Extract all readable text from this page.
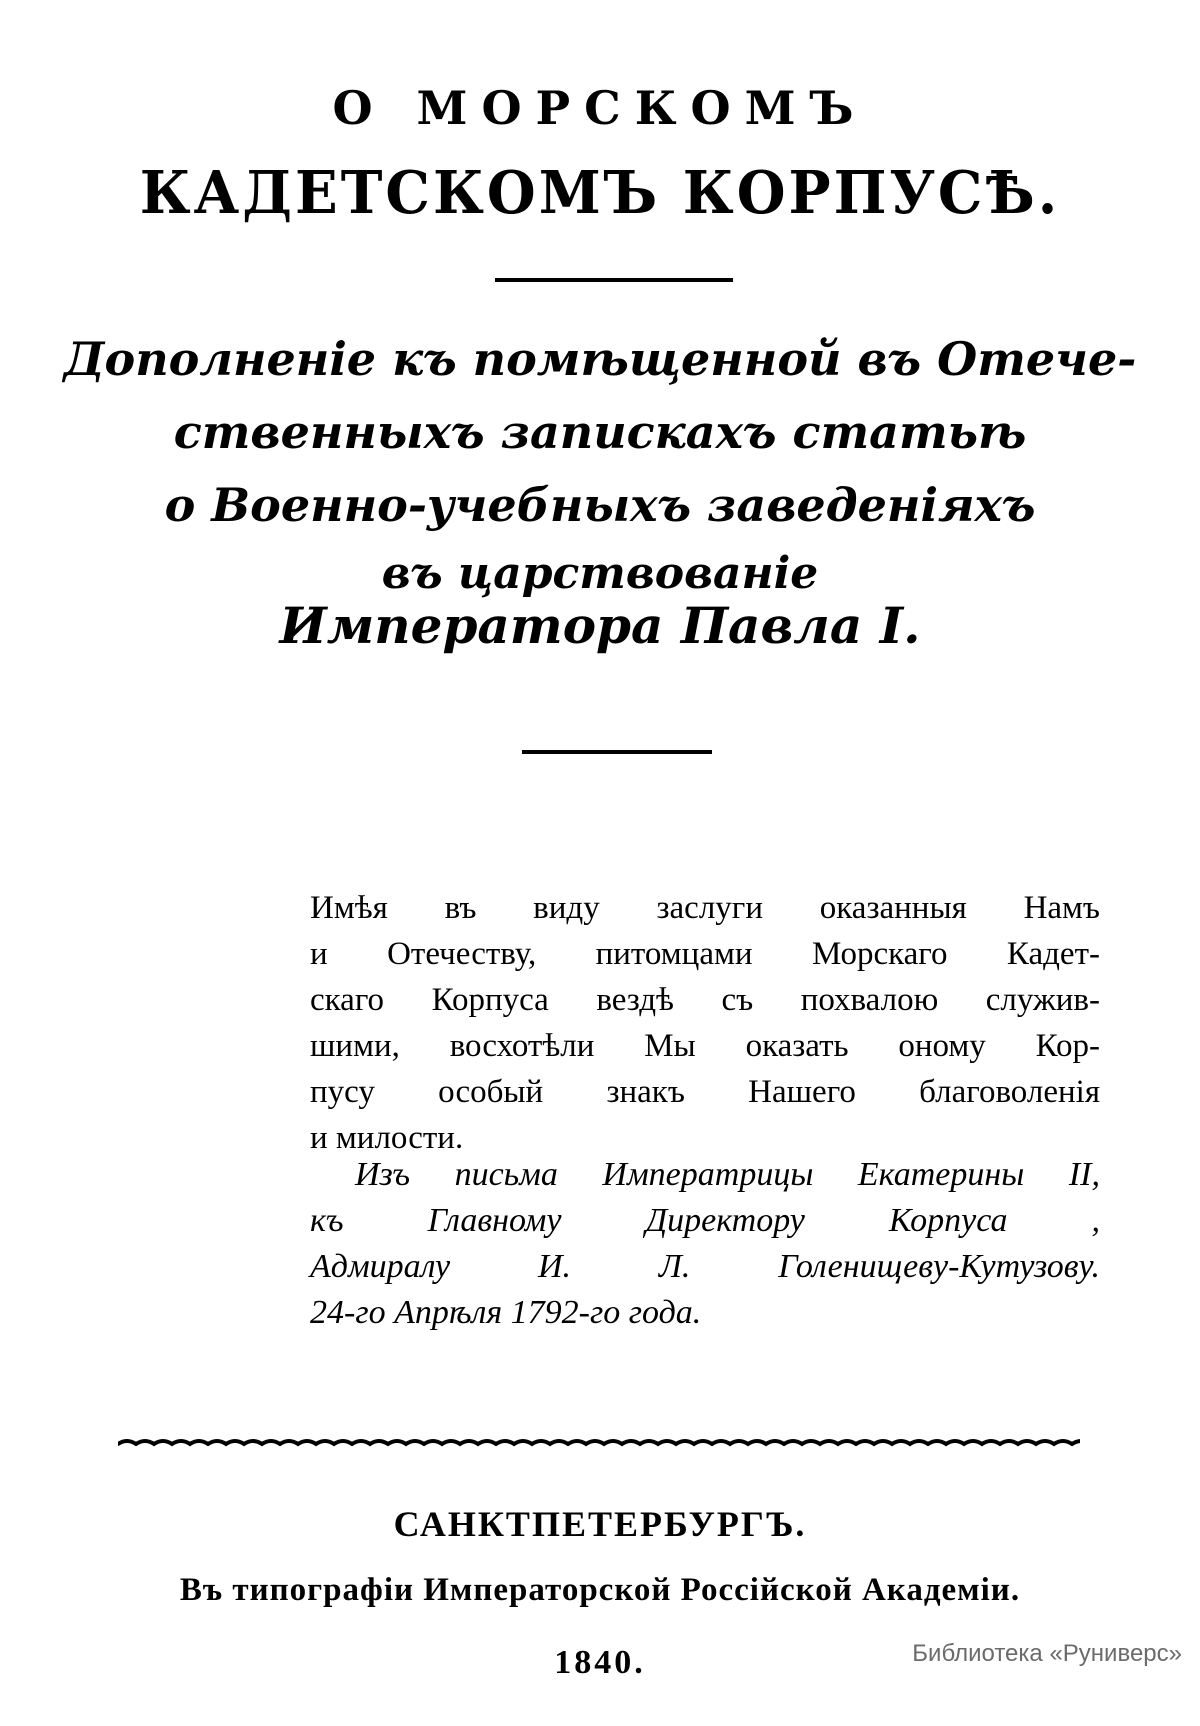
О МОРСКОМЪ
КАДЕТСКОМЪ КОРПУСѢ.
Дополненіе къ помѣщенной въ Отече-
ственныхъ запискахъ статьѣ
о Военно-учебныхъ заведеніяхъ
въ царствованіе
Императора Павла I.
Имѣя въ виду заслуги оказанныя Намъ
и Отечеству, питомцами Морскаго Кадет-
скаго Корпуса вездѣ съ похвалою служив-
шими, восхотѣли Мы оказать оному Кор-
пусу особый знакъ Нашего благоволенія
и милости.
Изъ письма Императрицы Екатерины II,
къ Главному Директору Корпуса ,
Адмиралу И. Л. Голенищеву-Кутузову.
24-го Апрѣля 1792-го года.
САНКТПЕТЕРБУРГЪ.
Въ типографіи Императорской Россійской Академіи.
1840.	Библиотека «Руниверс»
